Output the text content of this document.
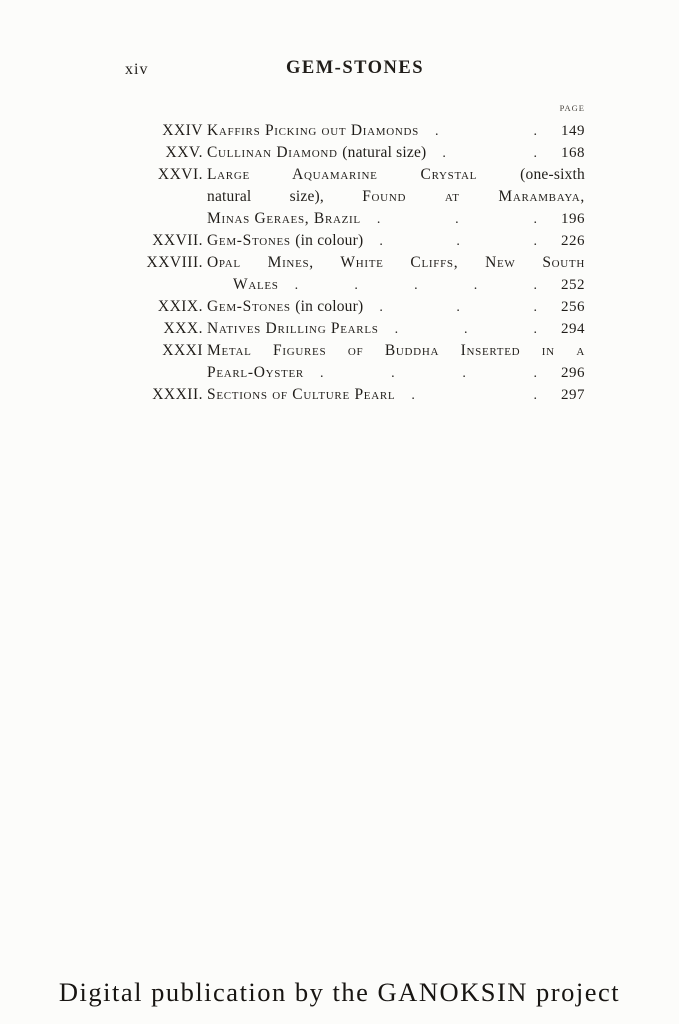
xiv	GEM-STONES
PAGE
XXIV Kaffirs Picking out Diamonds	. .	149
XXV. Cullinan Diamond (natural size)	. .	168
XXVI. Large Aquamarine Crystal (one-sixth
natural size), Found at Marambaya,
Minas Geraes, Brazil	. . .	196
XXVII. Gem-Stones (in colour)	. . .	226
XXVIII. Opal Mines, White Cliffs, New South
Wales	. . . . .	252
XXIX. Gem-Stones (in colour)	. . .	256
XXX. Natives Drilling Pearls	. . .	294
XXXI Metal Figures of Buddha Inserted in a
Pearl-Oyster	. . . .	296
XXXII. Sections of Culture Pearl	. .	297
Digital publication by the GANOKSIN project
